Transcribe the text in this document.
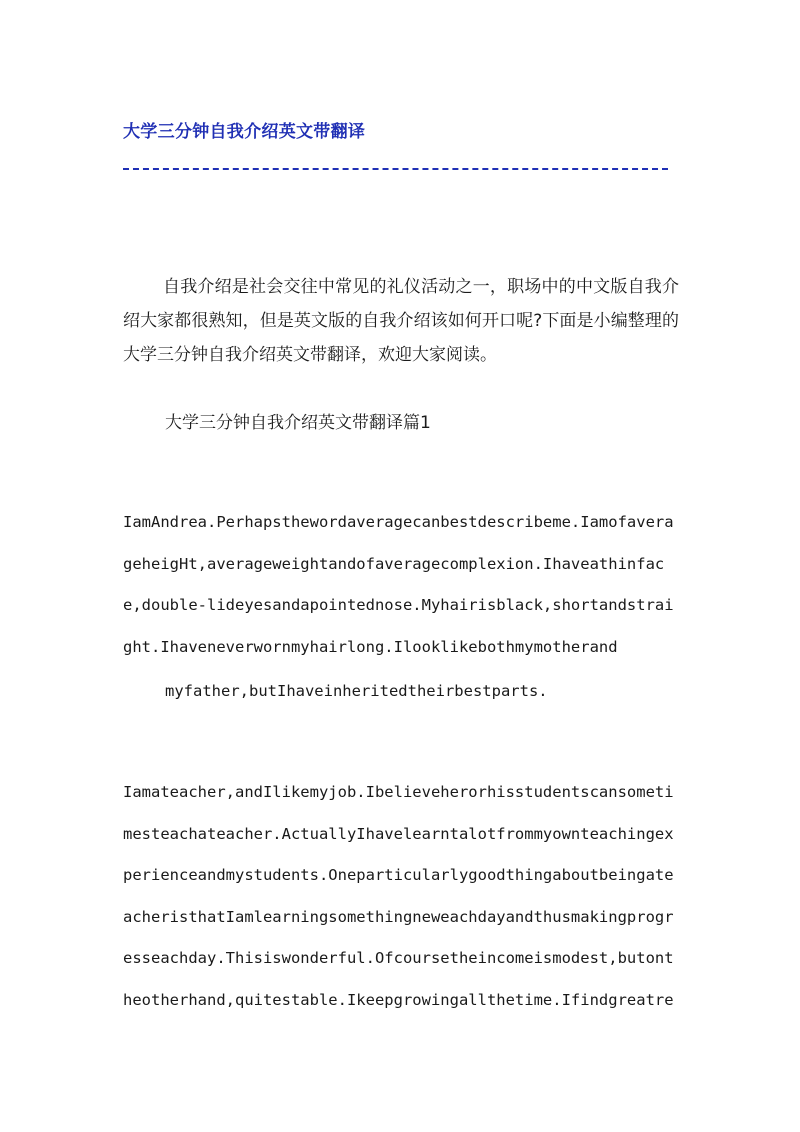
大学三分钟自我介绍英文带翻译

自我介绍是社会交往中常见的礼仪活动之一，职场中的中文版自我介绍大家都很熟知，但是英文版的自我介绍该如何开口呢?下面是小编整理的大学三分钟自我介绍英文带翻译，欢迎大家阅读。

大学三分钟自我介绍英文带翻译篇1

IamAndrea.Perhapsthewordaveragecanbestdescribeme.IamofaverageheigHt,averageweightandofaveragecomplexion.Ihaveathinface,double-lideyesandapointednose.Myhairisblack,shortandstraight.Ihaveneverwornmyhairlong.Ilooklikebothmymotherand

myfather,butIhaveinheritedtheirbestparts.

Iamateacher,andIlikemyjob.Ibelieveherorhisstudentscansometimesteachateacher.ActuallyIhavelearntalotfrommyownteachingexperienceandmystudents.OneparticularlygoodthingaboutbeingateacheristhatIamlearningsomethingneweachdayandthusmakingprogresseachday.Thisiswonderful.Ofcoursetheincomeismodest,butontheotherhand,quitestable.Ikeepgrowingallthetime.Ifindgreatre
